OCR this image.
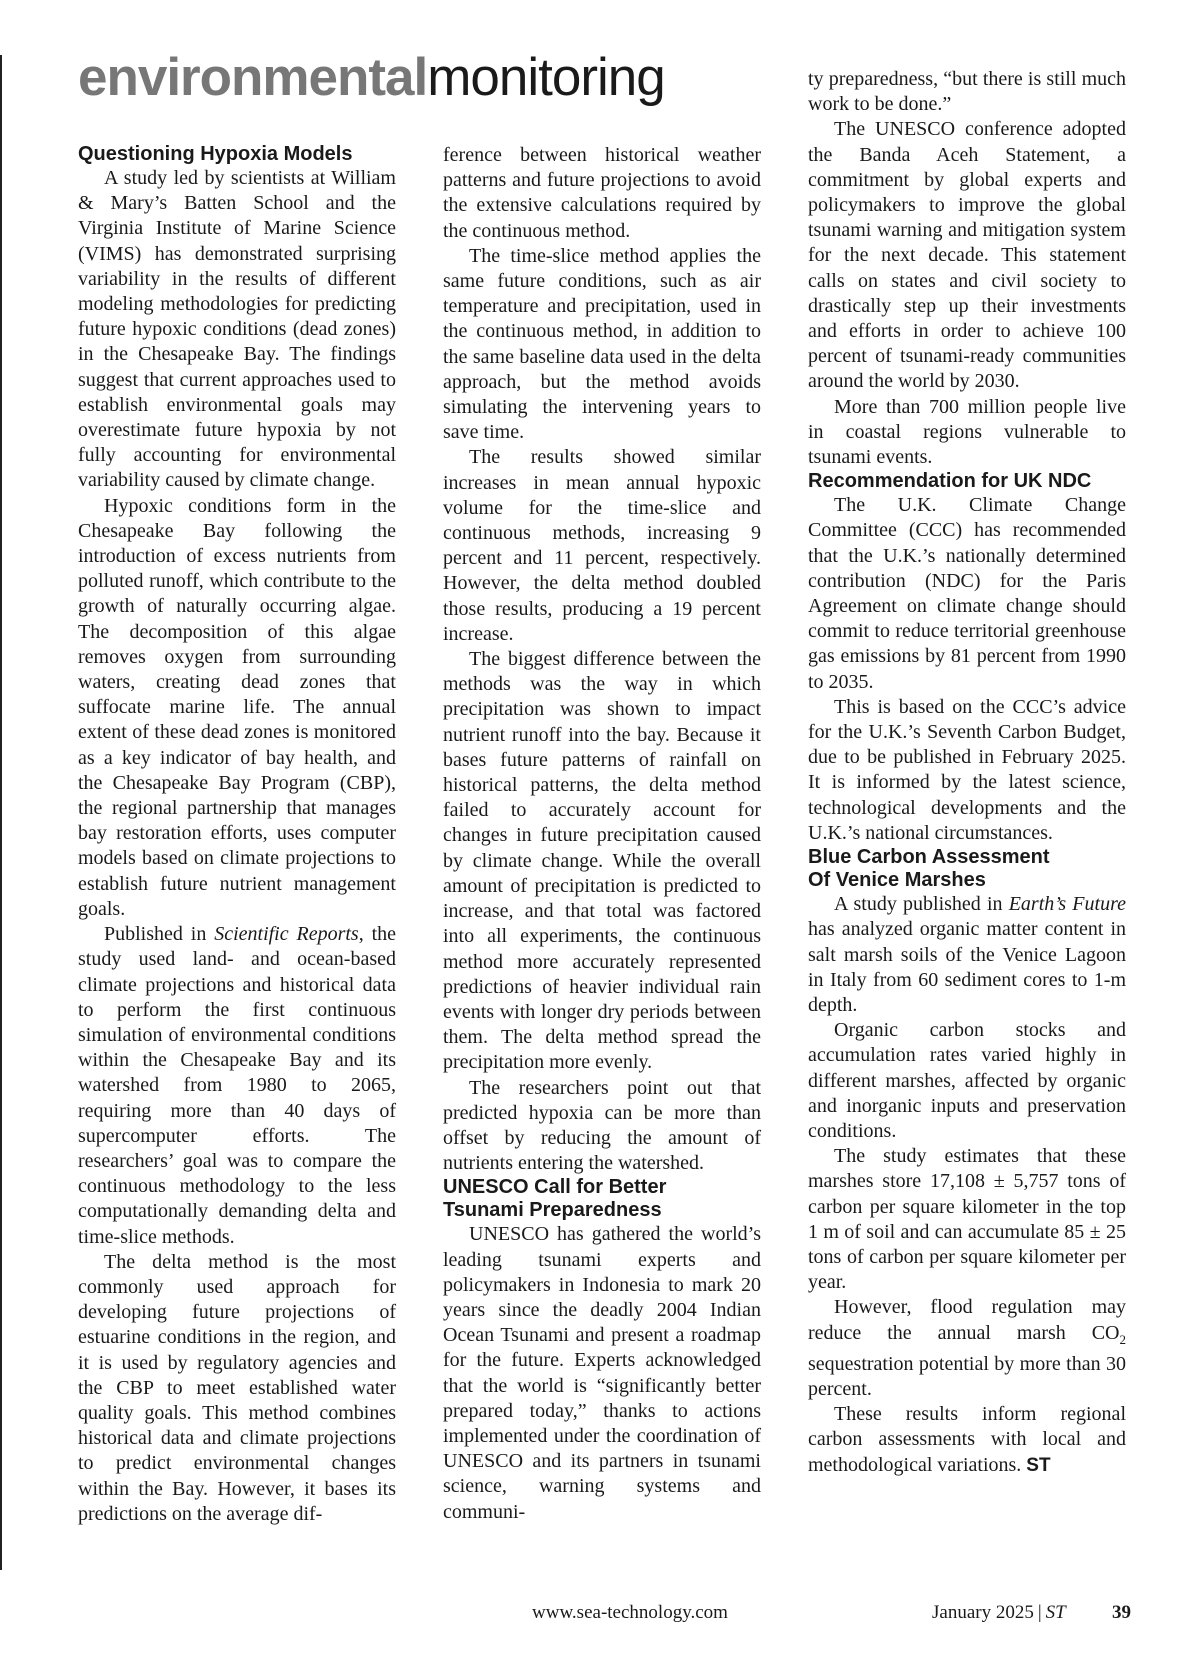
environmentalmonitoring
Questioning Hypoxia Models

A study led by scientists at William & Mary’s Batten School and the Virginia Institute of Marine Science (VIMS) has demonstrated surprising variability in the results of different modeling methodologies for predicting future hypoxic conditions (dead zones) in the Chesapeake Bay. The findings suggest that current approaches used to establish environmental goals may overestimate future hypoxia by not fully accounting for environmental variability caused by climate change.

Hypoxic conditions form in the Chesapeake Bay following the introduction of excess nutrients from polluted runoff, which contribute to the growth of naturally occurring algae. The decomposition of this algae removes oxygen from surrounding waters, creating dead zones that suffocate marine life. The annual extent of these dead zones is monitored as a key indicator of bay health, and the Chesapeake Bay Program (CBP), the regional partnership that manages bay restoration efforts, uses computer models based on climate projections to establish future nutrient management goals.

Published in Scientific Reports, the study used land- and ocean-based climate projections and historical data to perform the first continuous simulation of environmental conditions within the Chesapeake Bay and its watershed from 1980 to 2065, requiring more than 40 days of supercomputer efforts. The researchers’ goal was to compare the continuous methodology to the less computationally demanding delta and time-slice methods.

The delta method is the most commonly used approach for developing future projections of estuarine conditions in the region, and it is used by regulatory agencies and the CBP to meet established water quality goals. This method combines historical data and climate projections to predict environmental changes within the Bay. However, it bases its predictions on the average dif-

ference between historical weather patterns and future projections to avoid the extensive calculations required by the continuous method.

The time-slice method applies the same future conditions, such as air temperature and precipitation, used in the continuous method, in addition to the same baseline data used in the delta approach, but the method avoids simulating the intervening years to save time.

The results showed similar increases in mean annual hypoxic volume for the time-slice and continuous methods, increasing 9 percent and 11 percent, respectively. However, the delta method doubled those results, producing a 19 percent increase.

The biggest difference between the methods was the way in which precipitation was shown to impact nutrient runoff into the bay. Because it bases future patterns of rainfall on historical patterns, the delta method failed to accurately account for changes in future precipitation caused by climate change. While the overall amount of precipitation is predicted to increase, and that total was factored into all experiments, the continuous method more accurately represented predictions of heavier individual rain events with longer dry periods between them. The delta method spread the precipitation more evenly.

The researchers point out that predicted hypoxia can be more than offset by reducing the amount of nutrients entering the watershed.

UNESCO Call for Better
Tsunami Preparedness

UNESCO has gathered the world’s leading tsunami experts and policymakers in Indonesia to mark 20 years since the deadly 2004 Indian Ocean Tsunami and present a roadmap for the future. Experts acknowledged that the world is “significantly better prepared today,” thanks to actions implemented under the coordination of UNESCO and its partners in tsunami science, warning systems and communi-

ty preparedness, “but there is still much work to be done.”

The UNESCO conference adopted the Banda Aceh Statement, a commitment by global experts and policymakers to improve the global tsunami warning and mitigation system for the next decade. This statement calls on states and civil society to drastically step up their investments and efforts in order to achieve 100 percent of tsunami-ready communities around the world by 2030.

More than 700 million people live in coastal regions vulnerable to tsunami events.

Recommendation for UK NDC

The U.K. Climate Change Committee (CCC) has recommended that the U.K.’s nationally determined contribution (NDC) for the Paris Agreement on climate change should commit to reduce territorial greenhouse gas emissions by 81 percent from 1990 to 2035.

This is based on the CCC’s advice for the U.K.’s Seventh Carbon Budget, due to be published in February 2025. It is informed by the latest science, technological developments and the U.K.’s national circumstances.

Blue Carbon Assessment
Of Venice Marshes

A study published in Earth’s Future has analyzed organic matter content in salt marsh soils of the Venice Lagoon in Italy from 60 sediment cores to 1-m depth.

Organic carbon stocks and accumulation rates varied highly in different marshes, affected by organic and inorganic inputs and preservation conditions.

The study estimates that these marshes store 17,108 ± 5,757 tons of carbon per square kilometer in the top 1 m of soil and can accumulate 85 ± 25 tons of carbon per square kilometer per year.

However, flood regulation may reduce the annual marsh $CO_2$ sequestration potential by more than 30 percent.

These results inform regional carbon assessments with local and methodological variations. ST

www.sea-technology.com	January 2025 | ST 39
